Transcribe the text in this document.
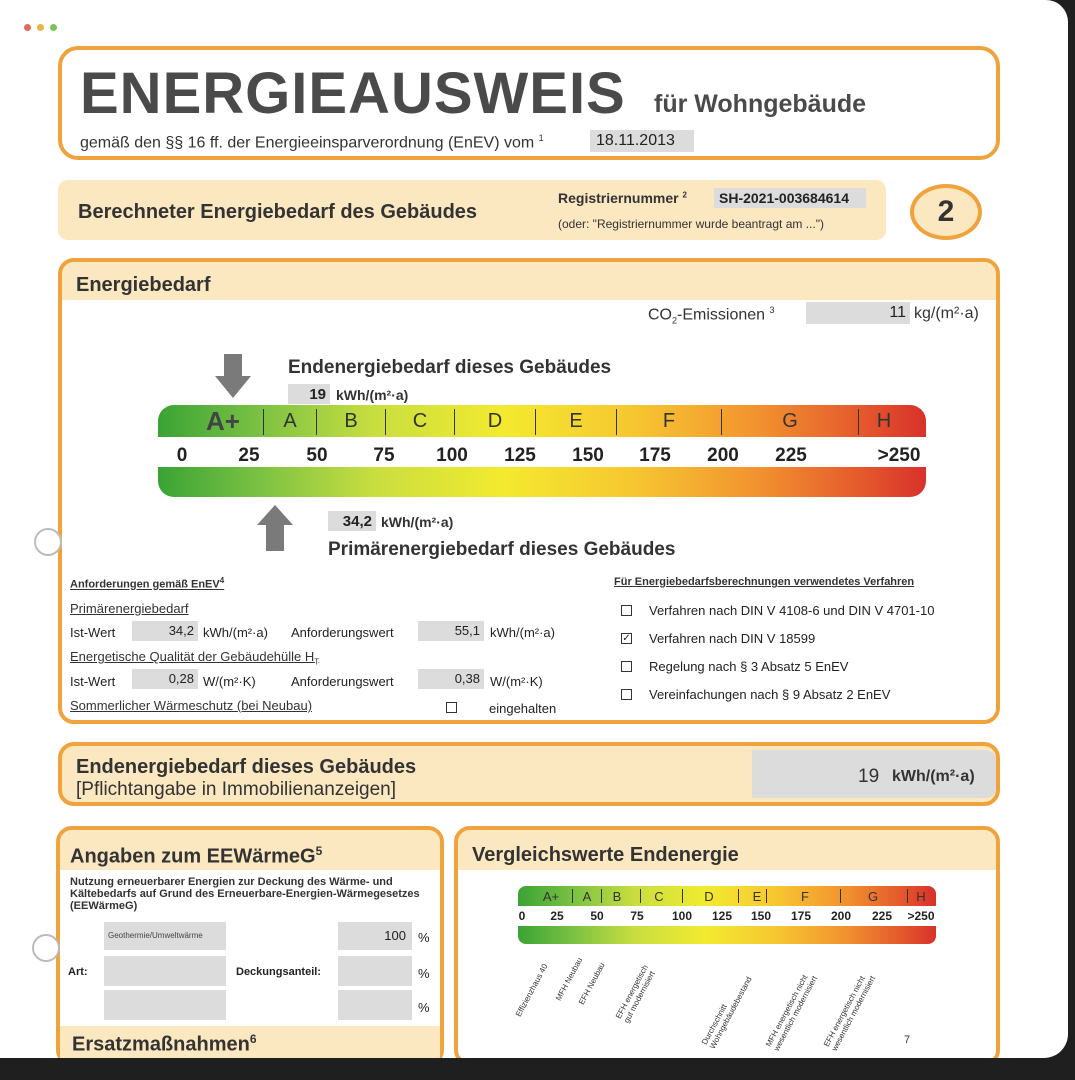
ENERGIEAUSWEIS für Wohngebäude
gemäß den §§ 16 ff. der Energieeinsparverordnung (EnEV) vom $^1$	18.11.2013
Berechneter Energiebedarf des Gebäudes
Registriernummer $^2$	SH-2021-003684614
(oder: "Registriernummer wurde beantragt am ...")	2
Energiebedarf
$CO_2$-Emissionen $^3$	11 kg/(m²·a)
Endenergiebedarf dieses Gebäudes
19 kWh/(m²·a)
A+	A	B	C	D	E	F	G	H
0	25 50 75 100 125 150 175 200 225	>250
34,2 kWh/(m²·a)
Primärenergiebedarf dieses Gebäudes
Anforderungen gemäß EnEV$^4$
Primärenergiebedarf
Ist-Wert	34,2 kWh/(m²·a) Anforderungswert	55,1 kWh/(m²·a)
Energetische Qualität der Gebäudehülle $H_T$
Ist-Wert	0,28 W/(m²·K)	Anforderungswert	0,38 W/(m²·K)
Sommerlicher Wärmeschutz (bei Neubau)	eingehalten
Für Energiebedarfsberechnungen verwendetes Verfahren
Verfahren nach DIN V 4108-6 und DIN V 4701-10
✓ Verfahren nach DIN V 18599
Regelung nach § 3 Absatz 5 EnEV
Vereinfachungen nach § 9 Absatz 2 EnEV
Endenergiebedarf dieses Gebäudes
[Pflichtangabe in Immobilienanzeigen]
19 kWh/(m²·a)
Angaben zum EEWärmeG$^5$
Nutzung erneuerbarer Energien zur Deckung des Wärme- und Kältebedarfs auf Grund des Erneuerbare-Energien-Wärmegesetzes (EEWärmeG)
Geothermie/Umweltwärme	100 %
Art:	Deckungsanteil:	%
%
Ersatzmaßnahmen$^6$
Vergleichswerte Endenergie
7
A+	A	B	C	D	E	F	G	H
0 25 50 75 100 125 150 175 200 225 >250
Effizienzhaus 40 MFH Neubau
EFH Neubau EFH energetisch gut modernisiert
Durchschnitt Wohngebäudebestand	MFH energetisch nicht wesentlich modernisiert EFH energetisch nicht wesentlich modernisiert
